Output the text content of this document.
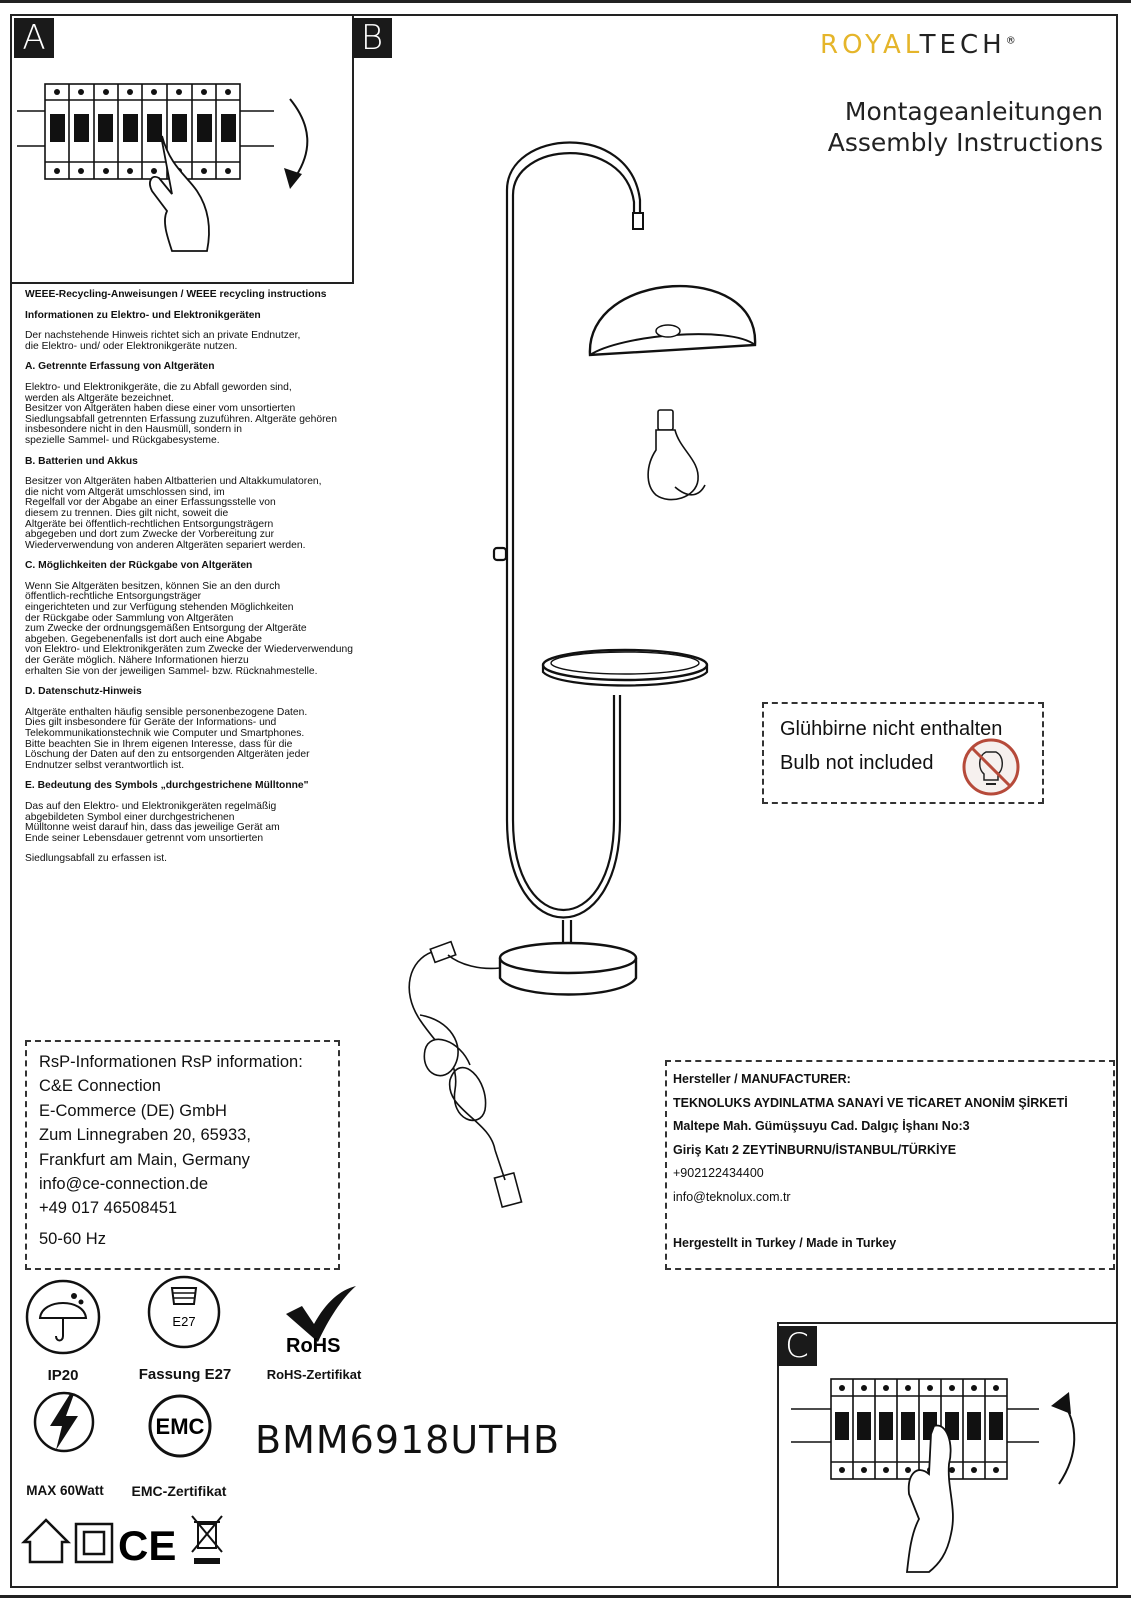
A	B	ROYALTECH®
Montageanleitungen
Assembly Instructions
WEEE-Recycling-Anweisungen / WEEE recycling instructions
Informationen zu Elektro- und Elektronikgeräten
Der nachstehende Hinweis richtet sich an private Endnutzer,
die Elektro- und/ oder Elektronikgeräte nutzen.
A. Getrennte Erfassung von Altgeräten
Elektro- und Elektronikgeräte, die zu Abfall geworden sind,
werden als Altgeräte bezeichnet.
Besitzer von Altgeräten haben diese einer vom unsortierten
Siedlungsabfall getrennten Erfassung zuzuführen. Altgeräte gehören
insbesondere nicht in den Hausmüll, sondern in
spezielle Sammel- und Rückgabesysteme.
B. Batterien und Akkus
Besitzer von Altgeräten haben Altbatterien und Altakkumulatoren,
die nicht vom Altgerät umschlossen sind, im
Regelfall vor der Abgabe an einer Erfassungsstelle von
diesem zu trennen. Dies gilt nicht, soweit die
Altgeräte bei öffentlich-rechtlichen Entsorgungsträgern
abgegeben und dort zum Zwecke der Vorbereitung zur
Wiederverwendung von anderen Altgeräten separiert werden.
C. Möglichkeiten der Rückgabe von Altgeräten
Wenn Sie Altgeräten besitzen, können Sie an den durch
öffentlich-rechtliche Entsorgungsträger
eingerichteten und zur Verfügung stehenden Möglichkeiten
der Rückgabe oder Sammlung von Altgeräten
zum Zwecke der ordnungsgemäßen Entsorgung der Altgeräte
abgeben. Gegebenenfalls ist dort auch eine Abgabe
von Elektro- und Elektronikgeräten zum Zwecke der Wiederverwendung
der Geräte möglich. Nähere Informationen hierzu
erhalten Sie von der jeweiligen Sammel- bzw. Rücknahmestelle.
D. Datenschutz-Hinweis
Altgeräte enthalten häufig sensible personenbezogene Daten.
Dies gilt insbesondere für Geräte der Informations- und
Telekommunikationstechnik wie Computer und Smartphones.
Bitte beachten Sie in Ihrem eigenen Interesse, dass für die
Löschung der Daten auf den zu entsorgenden Altgeräten jeder
Endnutzer selbst verantwortlich ist.
E. Bedeutung des Symbols „durchgestrichene Mülltonne"
Das auf den Elektro- und Elektronikgeräten regelmäßig
abgebildeten Symbol einer durchgestrichenen
Mülltonne weist darauf hin, dass das jeweilige Gerät am
Ende seiner Lebensdauer getrennt vom unsortierten
Siedlungsabfall zu erfassen ist.
Glühbirne nicht enthalten
Bulb not included
RsP-Informationen RsP information:
C&E Connection
E-Commerce (DE) GmbH
Zum Linnegraben 20, 65933,
Frankfurt am Main, Germany
info@ce-connection.de
+49 017 46508451
50-60 Hz
Hersteller / MANUFACTURER:
TEKNOLUKS AYDINLATMA SANAYİ VE TİCARET ANONİM ŞİRKETİ
Maltepe Mah. Gümüşsuyu Cad. Dalgıç İşhanı No:3
Giriş Katı 2 ZEYTİNBURNU/İSTANBUL/TÜRKİYE
+902122434400
info@teknolux.com.tr
Hergestellt in Turkey / Made in Turkey
C
IP20
E27
Fassung E27
RoHS
RoHS-Zertifikat
MAX 60Watt
EMC
EMC-Zertifikat
BMM6918UTHB
CE
